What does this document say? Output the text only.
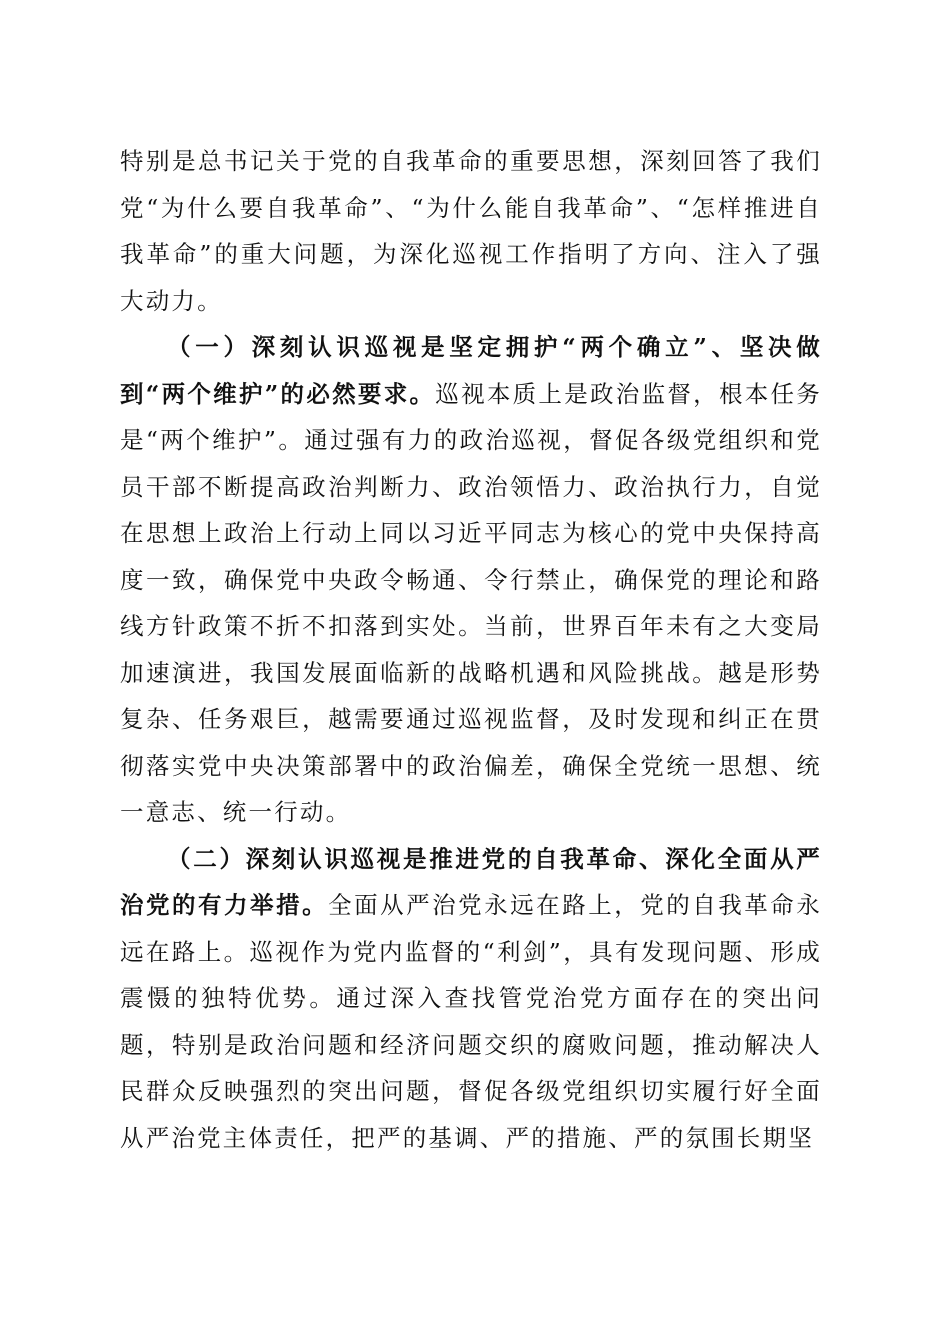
特别是总书记关于党的自我革命的重要思想，深刻回答了我们党“为什么要自我革命”、“为什么能自我革命”、“怎样推进自我革命”的重大问题，为深化巡视工作指明了方向、注入了强大动力。

（一）深刻认识巡视是坚定拥护“两个确立”、坚决做到“两个维护”的必然要求。巡视本质上是政治监督，根本任务是“两个维护”。通过强有力的政治巡视，督促各级党组织和党员干部不断提高政治判断力、政治领悟力、政治执行力，自觉在思想上政治上行动上同以习近平同志为核心的党中央保持高度一致，确保党中央政令畅通、令行禁止，确保党的理论和路线方针政策不折不扣落到实处。当前，世界百年未有之大变局加速演进，我国发展面临新的战略机遇和风险挑战。越是形势复杂、任务艰巨，越需要通过巡视监督，及时发现和纠正在贯彻落实党中央决策部署中的政治偏差，确保全党统一思想、统一意志、统一行动。

（二）深刻认识巡视是推进党的自我革命、深化全面从严治党的有力举措。全面从严治党永远在路上，党的自我革命永远在路上。巡视作为党内监督的“利剑”，具有发现问题、形成震慑的独特优势。通过深入查找管党治党方面存在的突出问题，特别是政治问题和经济问题交织的腐败问题，推动解决人民群众反映强烈的突出问题，督促各级党组织切实履行好全面从严治党主体责任，把严的基调、严的措施、严的氛围长期坚
